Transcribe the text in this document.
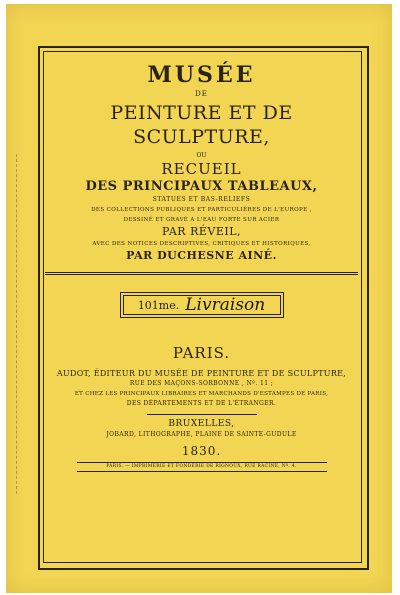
MUSÉE
DE
PEINTURE ET DE SCULPTURE,
OU
RECUEIL
DES PRINCIPAUX TABLEAUX,
STATUES ET BAS-RELIEFS
DES COLLECTIONS PUBLIQUES ET PARTICULIÈRES DE L'EUROPE ,
DESSINÉ ET GRAVÉ A L'EAU FORTE SUR ACIER
PAR RÉVEIL,
AVEC DES NOTICES DESCRIPTIVES, CRITIQUES ET HISTORIQUES,
PAR DUCHESNE AINÉ.
101me. Livraison
PARIS.
AUDOT, ÉDITEUR DU MUSÉE DE PEINTURE ET DE SCULPTURE,
RUE DES MAÇONS-SORBONNE , Nº. 11 ;
ET CHEZ LES PRINCIPAUX LIBRAIRES ET MARCHANDS D'ESTAMPES DE PARIS,
DES DÉPARTEMENTS ET DE L'ÉTRANGER.
BRUXELLES,
JOBARD, LITHOGRAPHE, PLAINE DE SAINTE-GUDULE
1830.
PARIS. — IMPRIMERIE ET FONDERIE DE RIGNOUX, RUE RACINE, Nº. 4.
